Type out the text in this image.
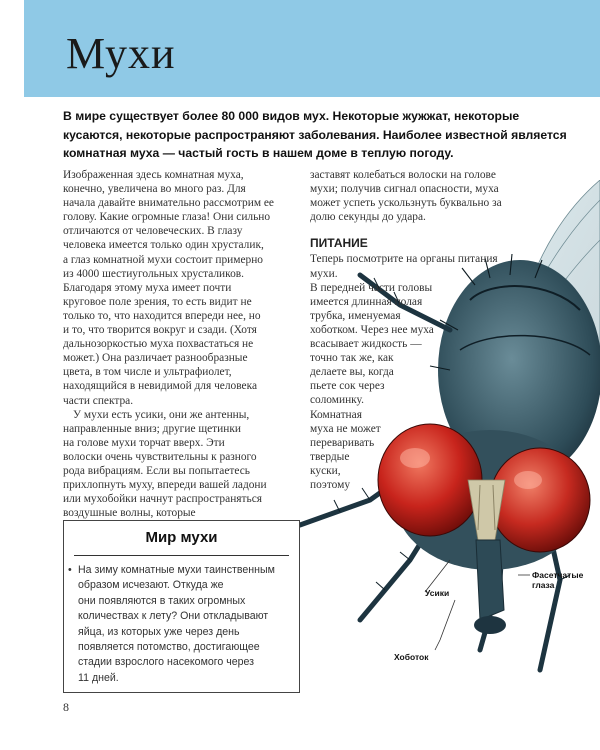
Мухи
В мире существует более 80 000 видов мух. Некоторые жужжат, некоторые кусаются, некоторые распространяют заболевания. Наиболее известной является комнатная муха — частый гость в нашем доме в теплую погоду.

Изображенная здесь комнатная муха,

конечно, увеличена во много раз. Для

начала давайте внимательно рассмотрим ее

голову. Какие огромные глаза! Они сильно

отличаются от человеческих. В глазу

человека имеется только один хрусталик,

а глаз комнатной мухи состоит примерно

из 4000 шестиугольных хрусталиков.

Благодаря этому муха имеет почти

круговое поле зрения, то есть видит не

только то, что находится впереди нее, но

и то, что творится вокруг и сзади. (Хотя

дальнозоркостью муха похвастаться не

может.) Она различает разнообразные

цвета, в том числе и ультрафиолет,

находящийся в невидимой для человека

части спектра.

У мухи есть усики, они же антенны,

направленные вниз; другие щетинки

на голове мухи торчат вверх. Эти

волоски очень чувствительны к разного

рода вибрациям. Если вы попытаетесь

прихлопнуть муху, впереди вашей ладони

или мухобойки начнут распространяться

воздушные волны, которые

заставят колебаться волоски на голове

мухи; получив сигнал опасности, муха

может успеть ускользнуть буквально за

долю секунды до удара.

ПИТАНИЕ

Теперь посмотрите на органы питания

мухи.

В передней части головы

имеется длинная полая

трубка, именуемая

хоботком. Через нее муха

всасывает жидкость —

точно так же, как

делаете вы, когда

пьете сок через

соломинку.

Комнатная

муха не может

переваривать

твердые

куски,

поэтому

Мир мухи
• На зиму комнатные мухи таинственным
образом исчезают. Откуда же
они появляются в таких огромных
количествах к лету? Они откладывают
яйца, из которых уже через день
появляется потомство, достигающее
стадии взрослого насекомого через
11 дней.
Фасетчатые глаза
Усики
Хоботок
8
